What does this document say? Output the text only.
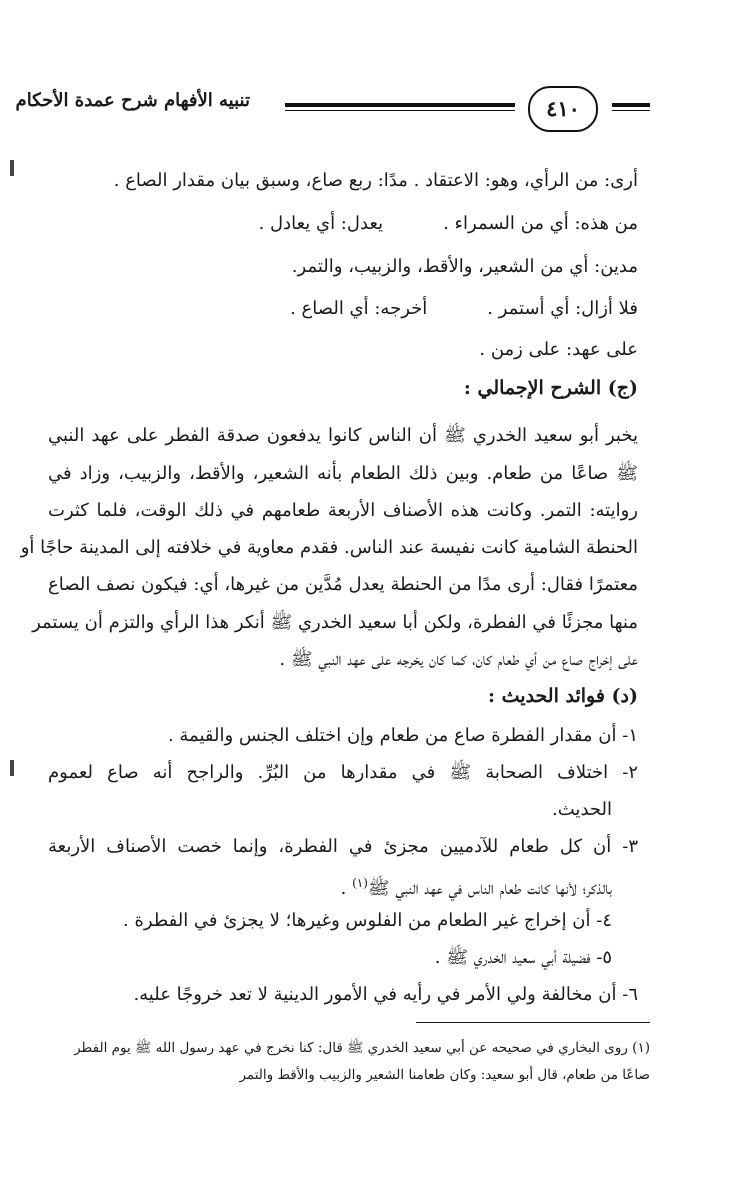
تنبيه الأفهام شرح عمدة الأحكام	٤١٠
أرى: من الرأي، وهو: الاعتقاد . مدًا: ربع صاع، وسبق بيان مقدار الصاع .
من هذه: أي من السمراء .يعدل: أي يعادل .
مدين: أي من الشعير، والأقط، والزبيب، والتمر.
فلا أزال: أي أستمر .أخرجه: أي الصاع .
على عهد: على زمن .
(ج) الشرح الإجمالي :
يخبر أبو سعيد الخدري ﷺ أن الناس كانوا يدفعون صدقة الفطر على عهد النبي
ﷺ صاعًا من طعام. وبين ذلك الطعام بأنه الشعير، والأقط، والزبيب، وزاد في
روايته: التمر. وكانت هذه الأصناف الأربعة طعامهم في ذلك الوقت، فلما كثرت
الحنطة الشامية كانت نفيسة عند الناس. فقدم معاوية في خلافته إلى المدينة حاجًا أو
معتمرًا فقال: أرى مدًا من الحنطة يعدل مُدَّين من غيرها، أي: فيكون نصف الصاع
منها مجزئًا في الفطرة، ولكن أبا سعيد الخدري ﷺ أنكر هذا الرأي والتزم أن يستمر
على إخراج صاع من أي طعام كان، كما كان يخرجه على عهد النبي ﷺ .
(د) فوائد الحديث :
١- أن مقدار الفطرة صاع من طعام وإن اختلف الجنس والقيمة .
٢- اختلاف الصحابة ﷺ في مقدارها من البُرِّ. والراجح أنه صاع لعموم
الحديث.
٣- أن كل طعام للآدميين مجزئ في الفطرة، وإنما خصت الأصناف الأربعة
بالذكر؛ لأنها كانت طعام الناس في عهد النبي ﷺ$^{(١)}$ .
٤- أن إخراج غير الطعام من الفلوس وغيرها؛ لا يجزئ في الفطرة .
٥- فضيلة أبي سعيد الخدري ﷺ .
٦- أن مخالفة ولي الأمر في رأيه في الأمور الدينية لا تعد خروجًا عليه.
(١) روى البخاري في صحيحه عن أبي سعيد الخدري ﷺ قال: كنا نخرج في عهد رسول الله ﷺ يوم الفطر
صاعًا من طعام، قال أبو سعيد: وكان طعامنا الشعير والزبيب والأقط والتمر
